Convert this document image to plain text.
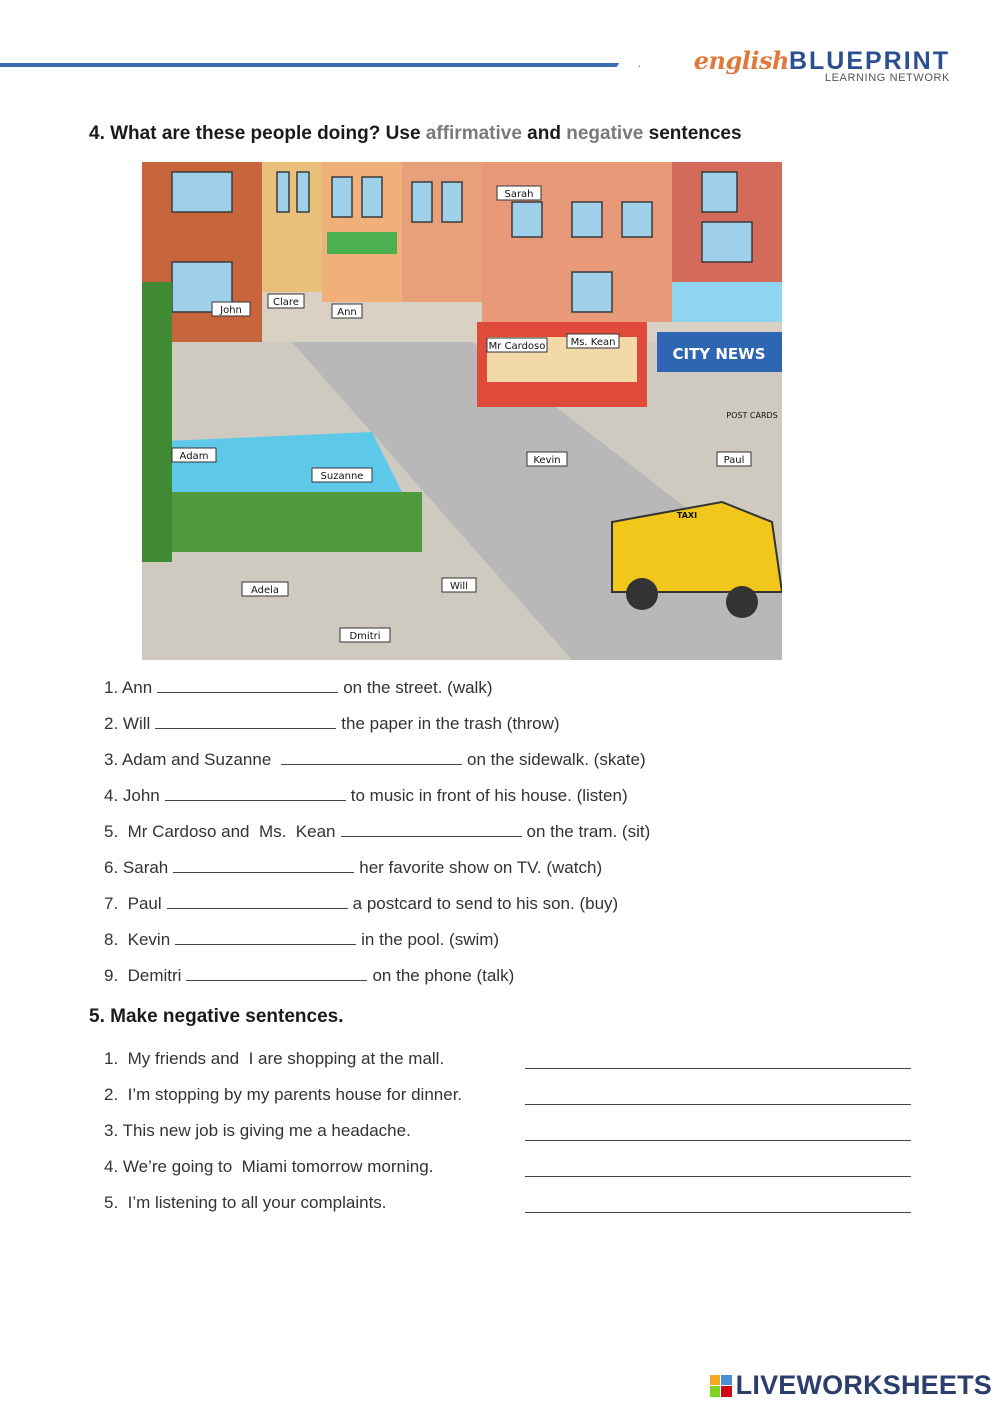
englishBLUEPRINT
LEARNING NETWORK
4. What are these people doing? Use affirmative and negative sentences
John
Clare
Ann
Sarah
Mr Cardoso	Ms. Kean
Adam
Suzanne
Kevin	Paul
Adela	Will
Dmitri
CITY NEWS
POST CARDS
TAXI
1. Ann	on the street. (walk)
2. Will	the paper in the trash (throw)
3. Adam and Suzanne	on the sidewalk. (skate)
4. John	to music in front of his house. (listen)
5.  Mr Cardoso and  Ms.  Kean	on the tram. (sit)
6. Sarah	her favorite show on TV. (watch)
7.  Paul	a postcard to send to his son. (buy)
8.  Kevin	in the pool. (swim)
9.  Demitri	on the phone (talk)
5. Make negative sentences.
1.  My friends and  I are shopping at the mall.
2.  I’m stopping by my parents house for dinner.
3. This new job is giving me a headache.
4. We’re going to  Miami tomorrow morning.
5.  I’m listening to all your complaints.
LIVEWORKSHEETS
